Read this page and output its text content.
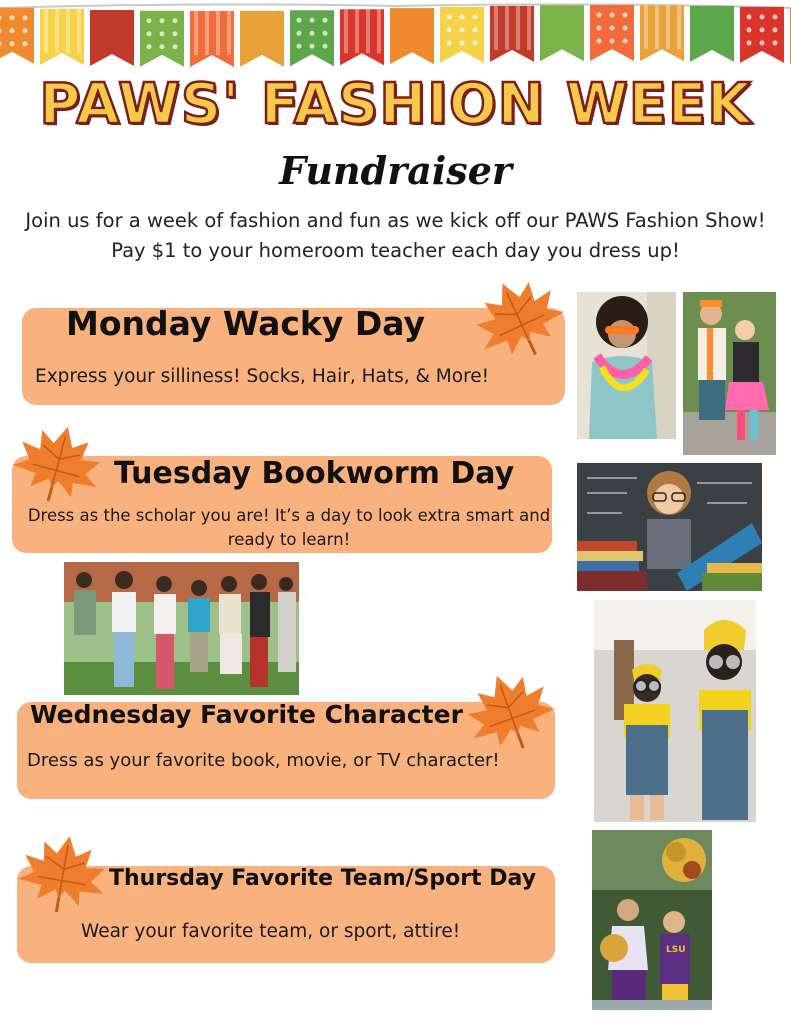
PAWS' FASHION WEEK
Fundraiser
Join us for a week of fashion and fun as we kick off our PAWS Fashion Show! Pay $1 to your homeroom teacher each day you dress up!
Monday Wacky Day
Express your silliness! Socks, Hair, Hats, & More!
Tuesday Bookworm Day
Dress as the scholar you are! It’s a day to look extra smart and ready to learn!
Wednesday Favorite Character
Dress as your favorite book, movie, or TV character!
Thursday Favorite Team/Sport Day
Wear your favorite team, or sport, attire!
LSU
